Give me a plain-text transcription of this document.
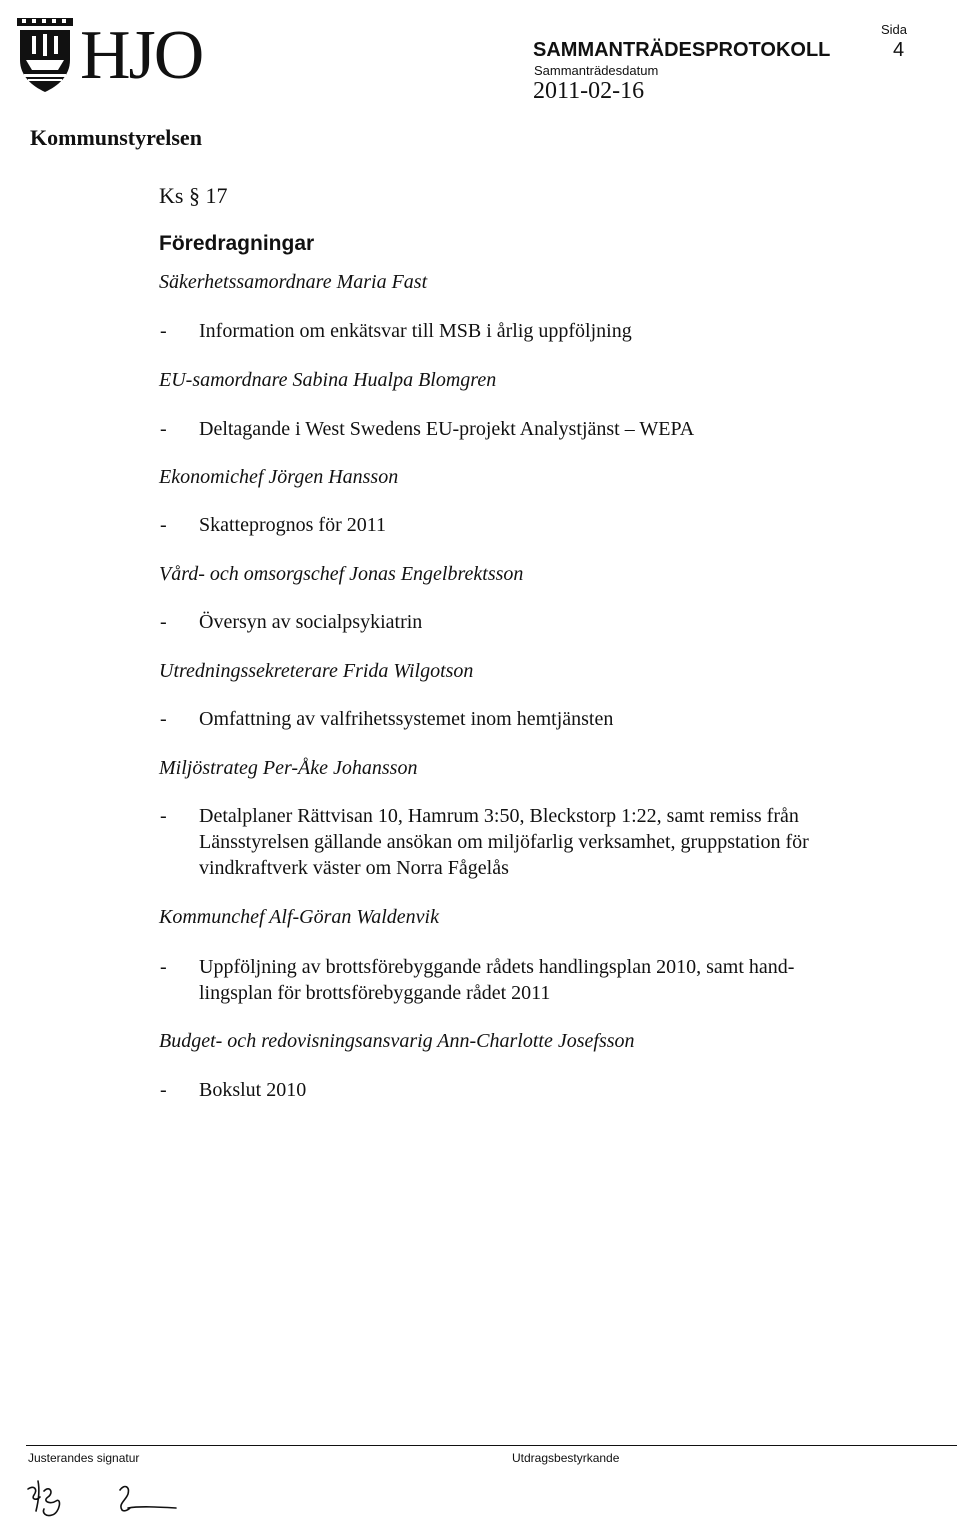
HJO	SAMMANTRÄDESPROTOKOLL
Sammanträdesdatum
2011-02-16
Sida
4
Kommunstyrelsen
Ks § 17
Föredragningar
Säkerhetssamordnare Maria Fast
- Information om enkätsvar till MSB i årlig uppföljning
EU-samordnare Sabina Hualpa Blomgren
- Deltagande i West Swedens EU-projekt Analystjänst – WEPA
Ekonomichef Jörgen Hansson
- Skatteprognos för 2011
Vård- och omsorgschef Jonas Engelbrektsson
- Översyn av socialpsykiatrin
Utredningssekreterare Frida Wilgotson
- Omfattning av valfrihetssystemet inom hemtjänsten
Miljöstrateg Per-Åke Johansson
- Detalplaner Rättvisan 10, Hamrum 3:50, Bleckstorp 1:22, samt remiss från
Länsstyrelsen gällande ansökan om miljöfarlig verksamhet, gruppstation för
vindkraftverk väster om Norra Fågelås
Kommunchef Alf-Göran Waldenvik
- Uppföljning av brottsförebyggande rådets handlingsplan 2010, samt hand-
lingsplan för brottsförebyggande rådet 2011
Budget- och redovisningsansvarig Ann-Charlotte Josefsson
- Bokslut 2010
Justerandes signatur	Utdragsbestyrkande
